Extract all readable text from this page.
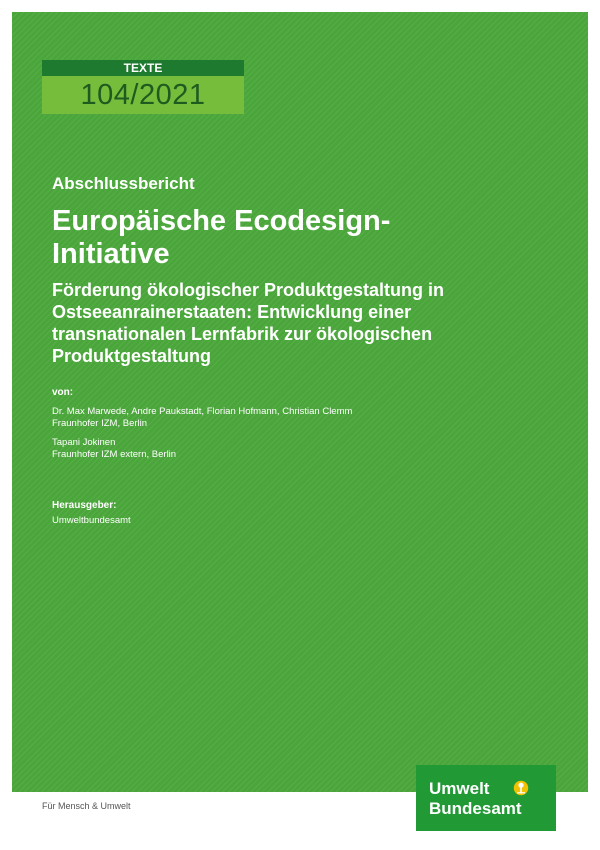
TEXTE
104/2021
Abschlussbericht
Europäische Ecodesign-
Initiative
Förderung ökologischer Produktgestaltung in
Ostseeanrainerstaaten: Entwicklung einer
transnationalen Lernfabrik zur ökologischen
Produktgestaltung
von:
Dr. Max Marwede, Andre Paukstadt, Florian Hofmann, Christian Clemm
Fraunhofer IZM, Berlin
Tapani Jokinen
Fraunhofer IZM extern, Berlin
Herausgeber:
Umweltbundesamt
Umwelt
Bundesamt
Für Mensch & Umwelt
